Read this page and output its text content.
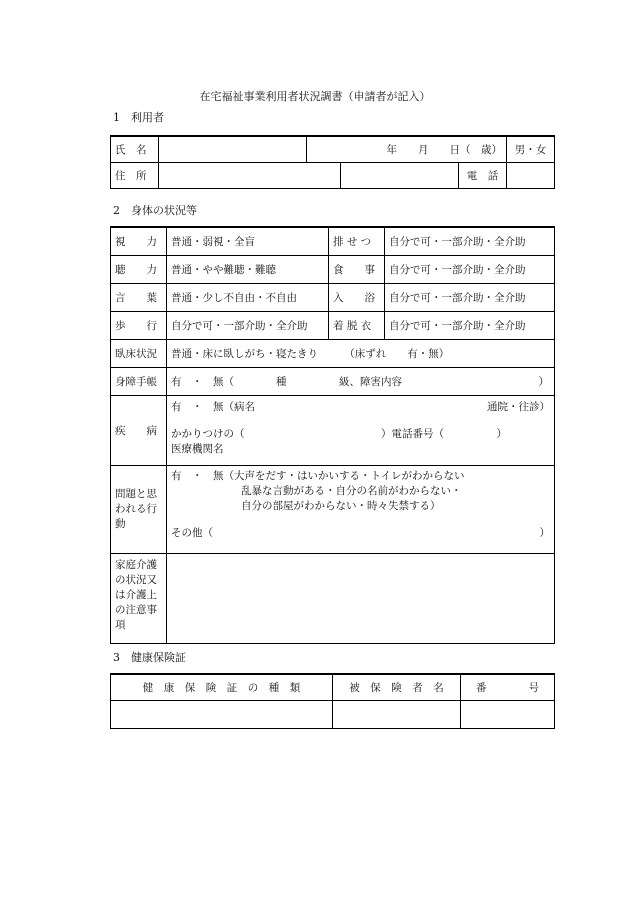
在宅福祉事業利用者状況調書（申請者が記入）
1　利用者
氏　名		年　　月　　日（　歳）			男・女
住　所				電　話	
2　身体の状況等
視　　力	普通・弱視・全盲	排 せ つ	自分で可・一部介助・全介助
聴　　力	普通・やや難聴・難聴	食　　事	自分で可・一部介助・全介助
言　　葉	普通・少し不自由・不自由	入　　浴	自分で可・一部介助・全介助
歩　　行	自分で可・一部介助・全介助	着 脱 衣	自分で可・一部介助・全介助
臥床状況	普通・床に臥しがち・寝たきり　　　（床ずれ　　有・無）		
身障手帳	有　・　無（　　　　種　　　　　級、障害内容　　　　　　　　　　　　　）		
疾　　病	有　・　無（病名 通院・往診）
かかりつけの（　　　　　　　　　　　　　）電話番号（　　　　　）
医療機関名		

問題と思われる行動	有　・　無（大声をだす・はいかいする・トイレがわからない
乱暴な言動がある・自分の名前がわからない・
自分の部屋がわからない・時々失禁する）
その他（ ）		

家庭介護の状況又は介護上の注意事項			
3　健康保険証
健　康　保　険　証　の　種　類	被　保　険　者　名	番　　　　号
